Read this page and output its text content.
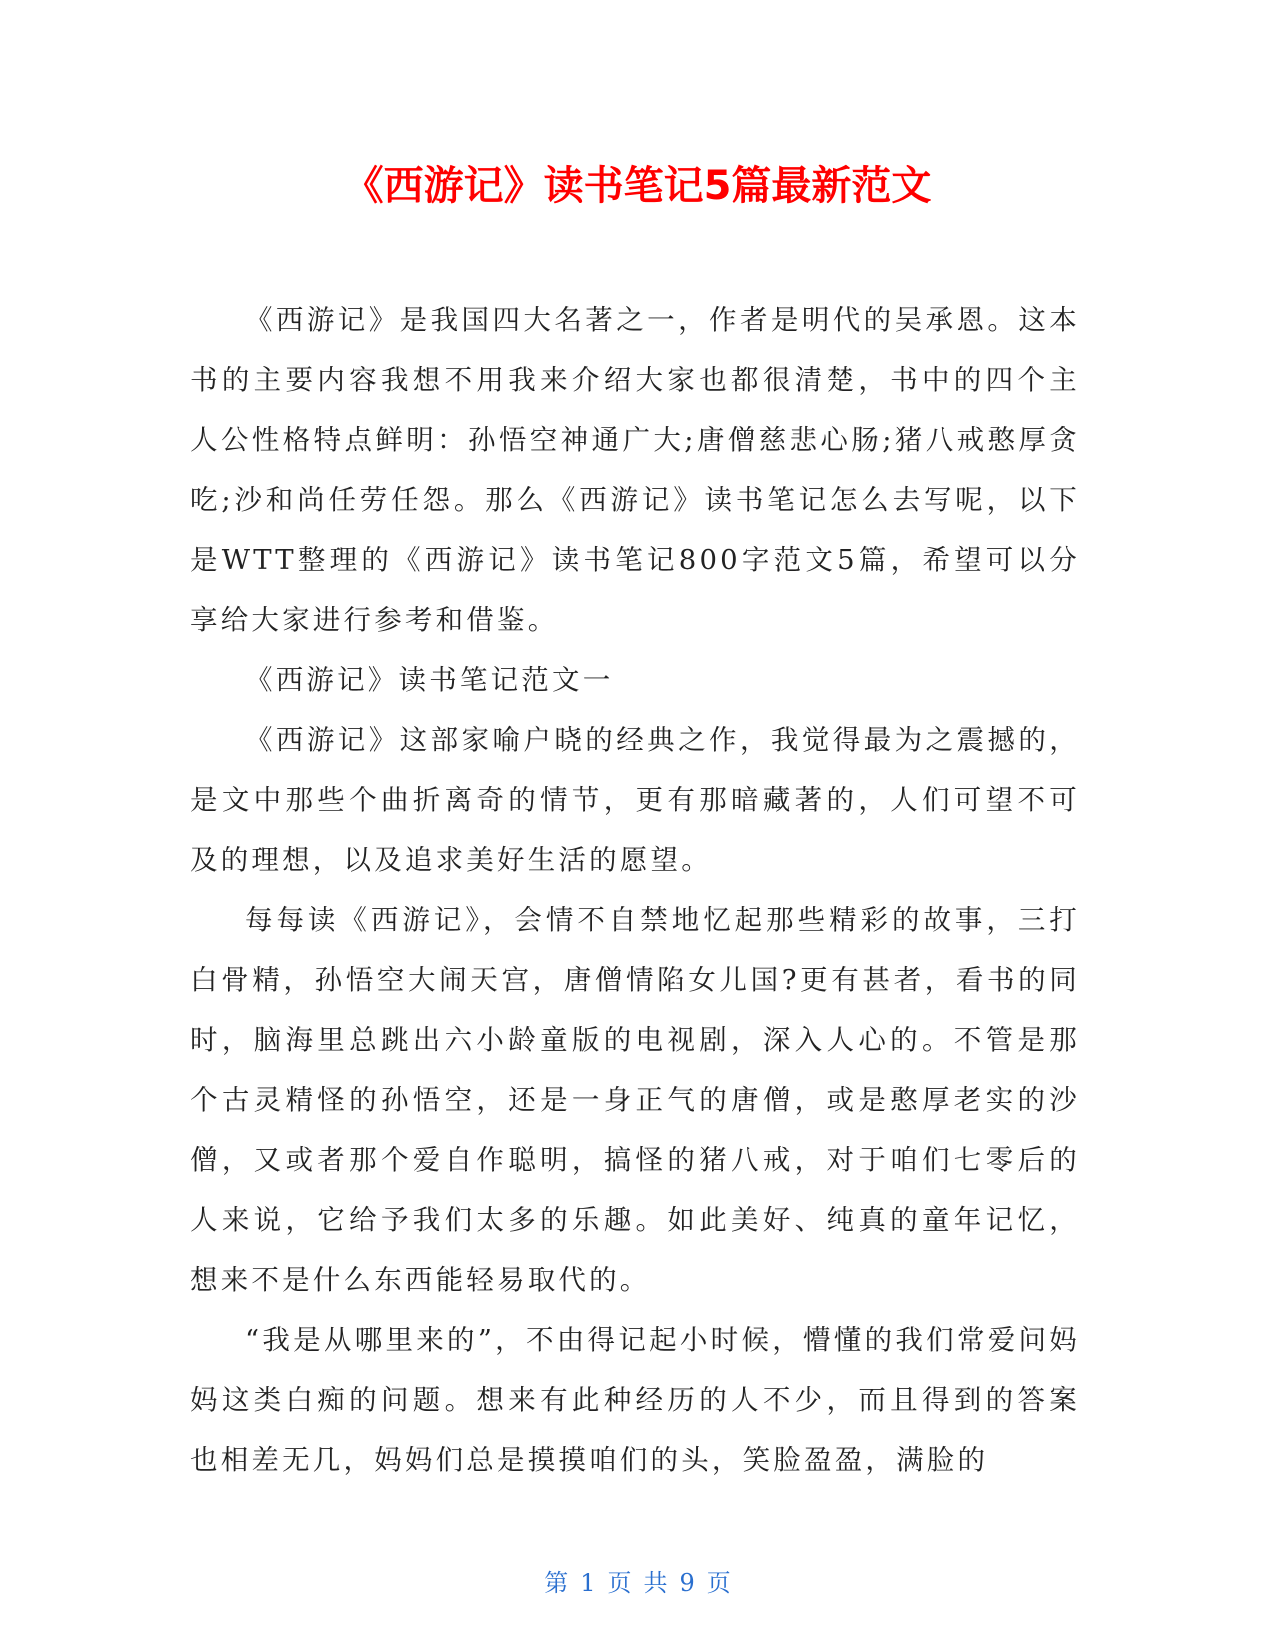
《西游记》读书笔记5篇最新范文

《西游记》是我国四大名著之一，作者是明代的吴承恩。这本书的主要内容我想不用我来介绍大家也都很清楚，书中的四个主人公性格特点鲜明：孙悟空神通广大;唐僧慈悲心肠;猪八戒憨厚贪吃;沙和尚任劳任怨。那么《西游记》读书笔记怎么去写呢，以下是WTT整理的《西游记》读书笔记800字范文5篇，希望可以分享给大家进行参考和借鉴。

《西游记》读书笔记范文一

《西游记》这部家喻户晓的经典之作，我觉得最为之震撼的，是文中那些个曲折离奇的情节，更有那暗藏著的，人们可望不可及的理想，以及追求美好生活的愿望。

每每读《西游记》，会情不自禁地忆起那些精彩的故事，三打白骨精，孙悟空大闹天宫，唐僧情陷女儿国?更有甚者，看书的同时，脑海里总跳出六小龄童版的电视剧，深入人心的。不管是那个古灵精怪的孙悟空，还是一身正气的唐僧，或是憨厚老实的沙僧，又或者那个爱自作聪明，搞怪的猪八戒，对于咱们七零后的人来说，它给予我们太多的乐趣。如此美好、纯真的童年记忆，想来不是什么东西能轻易取代的。

“我是从哪里来的”，不由得记起小时候，懵懂的我们常爱问妈妈这类白痴的问题。想来有此种经历的人不少，而且得到的答案也相差无几，妈妈们总是摸摸咱们的头，笑脸盈盈，满脸的

第 1 页 共 9 页
